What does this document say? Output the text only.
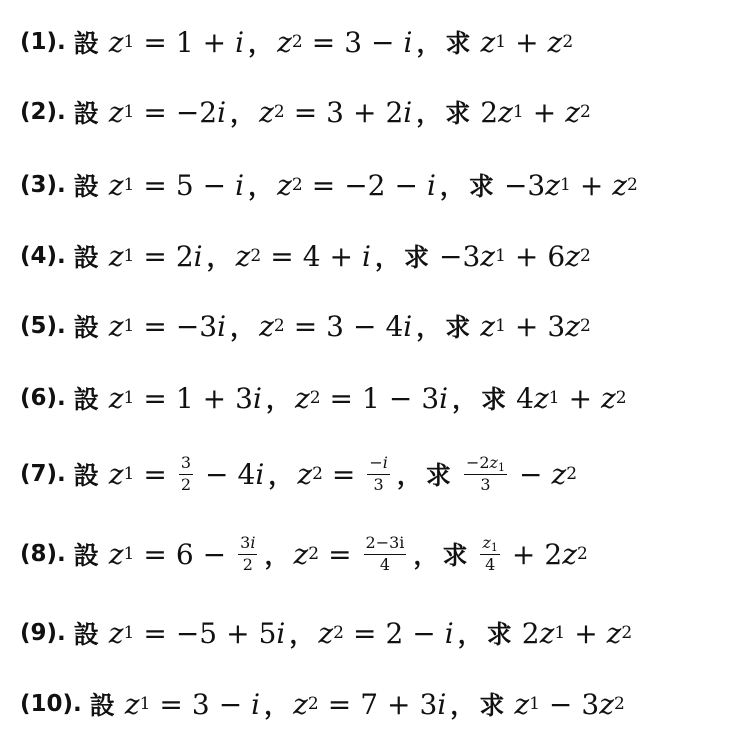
(1). 設 z 1 = 1 + i ， z 2 = 3 − i ， 求 z 1 + z 2
(2). 設 z 1 = −2 i ， z 2 = 3 + 2 i ， 求 2 z 1 + z 2
(3). 設 z 1 = 5 − i ， z 2 = −2 − i ， 求 −3 z 1 + z 2
(4). 設 z 1 = 2 i ， z 2 = 4 + i ， 求 −3 z 1 + 6 z 2
(5). 設 z 1 = −3 i ， z 2 = 3 − 4 i ， 求 z 1 + 3 z 2
(6). 設 z 1 = 1 + 3 i ， z 2 = 1 − 3 i ， 求 4 z 1 + z 2
(7). 設 z $1 = \frac{3}{2} - 4$ i ， z $2 = \frac{-i}{3}$ ， 求 $\frac{-2z_1}{3} - z$ 2
(8). 設 z $1 = 6 - \frac{3i}{2}$ ， z $2 = \frac{2-3i}{4}$ ， 求 $\frac{z_1}{4} + 2$ z 2
(9). 設 z 1 = −5 + 5 i ， z 2 = 2 − i ， 求 2 z 1 + z 2
(10). 設 z 1 = 3 − i ， z 2 = 7 + 3 i ， 求 z 1 − 3 z 2
